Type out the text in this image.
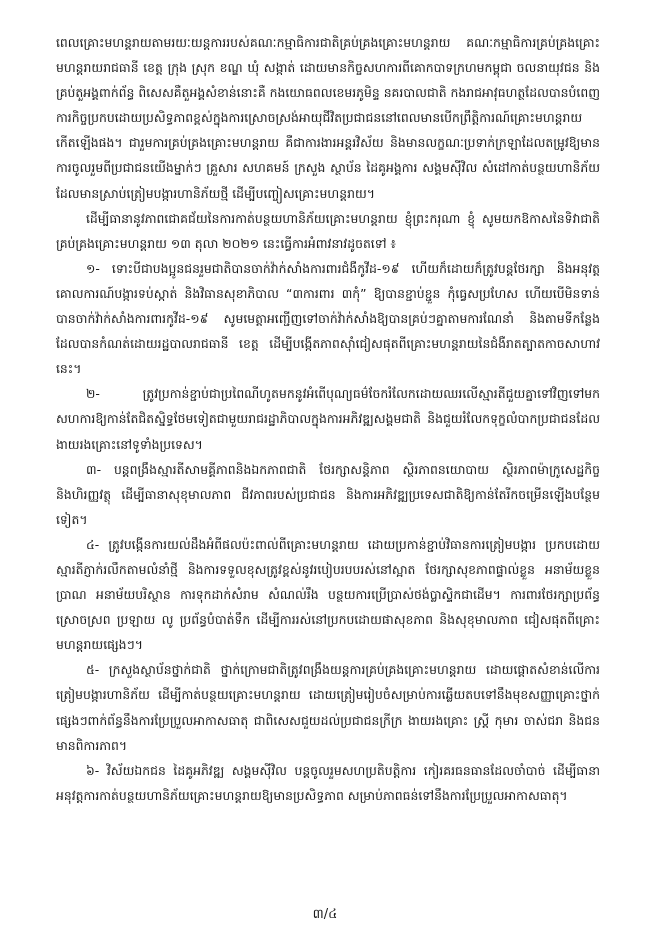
ពេលគ្រោះមហន្តរាយតាមរយៈយន្តការរបស់គណៈកម្មាធិការជាតិគ្រប់គ្រងគ្រោះមហន្តរាយ គណៈកម្មាធិការគ្រប់គ្រងគ្រោះមហន្តរាយរាជធានី ខេត្ត ក្រុង ស្រុក ខណ្ឌ ឃុំ សង្កាត់ ដោយមានកិច្ចសហការពីគោកបាទក្រហមកម្ពុជា ចលនាយុវជន និងគ្រប់តួអង្គពាក់ព័ន្ធ ពិសេសគឺតួអង្គសំខាន់នោះគឺ កងយោធពលខេមរភូមិន្ទ នគរបាលជាតិ កងរាជអាវុធហត្ថដែលបានបំពេញការកិច្ចប្រកបដោយប្រសិទ្ធភាពខ្ពស់ក្នុងការស្រោចស្រង់អាយុជីវិតប្រជាជននៅពេលមានបើកព្រឹត្តិការណ៍គ្រោះមហន្តរាយកើតឡើងផង។ ជារួមការគ្រប់គ្រងគ្រោះមហន្តរាយ គឺជាការងារអន្តរវិស័យ និងមានលក្ខណៈប្រទាក់ក្រឡាដែលតម្រូវឱ្យមានការចូលរួមពីប្រជាជនយើងម្នាក់ៗ គ្រួសារ សហគមន៍ ក្រសួង ស្ថាប័ន ដៃគូអង្គការ សង្គមស៊ីវិល សំដៅកាត់បន្ថយហានិភ័យដែលមានស្រាប់ត្រៀមបង្ការហានិភ័យថ្មី ដើម្បីបញ្ចៀសគ្រោះមហន្តរាយ។

ដើម្បីធានានូវភាពជោគជ័យនៃការកាត់បន្ថយហានិភ័យគ្រោះមហន្តរាយ ខ្ញុំព្រះករុណា ខ្ញុំ សូមយកឱកាសនៃទិវាជាតិគ្រប់គ្រងគ្រោះមហន្តរាយ ១៣ តុលា ២០២១ នេះធ្វើការអំពាវនាវដូចតទៅ ៖

១- ទោះបីជាបងប្អូនជនរួមជាតិបានចាក់វ៉ាក់សាំងការពារជំងឺកូវីដ-១៩ ហើយក៏ដោយក៏ត្រូវបន្តថែរក្សា និងអនុវត្តគោលការណ៍បង្ការទប់ស្កាត់ និងវិធានសុខាភិបាល “៣ការពារ ៣កុំ” ឱ្យបានខ្ជាប់ខ្ជួន កុំធ្វេសប្រហែស ហើយបើមិនទាន់បានចាក់វ៉ាក់សាំងការពារកូវីដ-១៩ សូមមេត្តាអញ្ជើញទៅចាក់វ៉ាក់សាំងឱ្យបានគ្រប់ៗគ្នាតាមការណែនាំ និងតាមទីកន្លែងដែលបានកំណត់ដោយរដ្ឋបាលរាជធានី ខេត្ត ដើម្បីបង្កើតភាពស៊ាំជៀសផុតពីគ្រោះមហន្តរាយនៃជំងឺរាតត្បាតកាចសាហាវនេះ។

២- ត្រូវប្រកាន់ខ្ជាប់ជាប្រពៃណីហូតមកនូវអំពើបុណ្យធម៌ចែករំលែកដោយឈរលើស្មារតីជួយគ្នាទៅវិញទៅមក សហការឱ្យកាន់តែជិតស្និទ្ធថែមទៀតជាមួយរាជរដ្ឋាភិបាលក្នុងការអភិវឌ្ឍសង្គមជាតិ និងជួយរំលែកទុក្ខលំបាកប្រជាជនដែលងាយរងគ្រោះនៅទូទាំងប្រទេស។

៣- បន្តពង្រឹងស្មារតីសាមគ្គីភាពនិងឯកភាពជាតិ ថែរក្សាសន្តិភាព ស្ថិរភាពនយោបាយ ស្ថិរភាពម៉ាក្រូសេដ្ឋកិច្ច និងហិរញ្ញវត្ថុ ដើម្បីធានាសុខុមាលភាព ជីវភាពរបស់ប្រជាជន និងការអភិវឌ្ឍប្រទេសជាតិឱ្យកាន់តែរីកចម្រើនឡើងបន្ថែមទៀត។

៤- ត្រូវបង្កើនការយល់ដឹងអំពីផលប៉ះពាល់ពីគ្រោះមហន្តរាយ ដោយប្រកាន់ខ្ជាប់វិធានការត្រៀមបង្ការ ប្រកបដោយស្មារតីភ្ញាក់រលឹកតាមលំនាំថ្មី និងការទទួលខុសត្រូវខ្ពស់នូវរបៀបរបបរស់នៅស្អាត ថែរក្សាសុខភាពផ្ទាល់ខ្លួន អនាម័យខ្លួនប្រាណ អនាម័យបរិស្ថាន ការទុកដាក់សំរាម សំណល់រឹង បន្ថយការប្រើប្រាស់ថង់ប្លាស្ទិកជាដើម។ ការពារថែរក្សាប្រព័ន្ធស្រោចស្រព ប្រឡាយ លូ ប្រព័ន្ធបំបាត់ទឹក ដើម្បីការរស់នៅប្រកបដោយផាសុខភាព និងសុខុមាលភាព ជៀសផុតពីគ្រោះមហន្តរាយផ្សេងៗ។

៥- ក្រសួងស្ថាប័នថ្នាក់ជាតិ ថ្នាក់ក្រោមជាតិត្រូវពង្រឹងយន្តការគ្រប់គ្រងគ្រោះមហន្តរាយ ដោយផ្តោតសំខាន់លើការត្រៀមបង្ការហានិភ័យ ដើម្បីកាត់បន្ថយគ្រោះមហន្តរាយ ដោយត្រៀមរៀបចំសម្រាប់ការឆ្លើយតបទៅនឹងមុខសញ្ញាគ្រោះថ្នាក់ផ្សេងៗពាក់ព័ន្ធនឹងការប្រែប្រួលអាកាសធាតុ ជាពិសេសជួយដល់ប្រជាជនក្រីក្រ ងាយរងគ្រោះ ស្ត្រី កុមារ ចាស់ជរា និងជនមានពិការភាព។

៦- វិស័យឯកជន ដៃគូអភិវឌ្ឍ សង្គមស៊ីវិល បន្តចូលរួមសហប្រតិបត្តិការ កៀរគរធនធានដែលចាំបាច់ ដើម្បីធានាអនុវត្តការកាត់បន្ថយហានិភ័យគ្រោះមហន្តរាយឱ្យមានប្រសិទ្ធភាព សម្រាប់ភាពធន់ទៅនឹងការប្រែប្រួលអាកាសធាតុ។

៣/៤
